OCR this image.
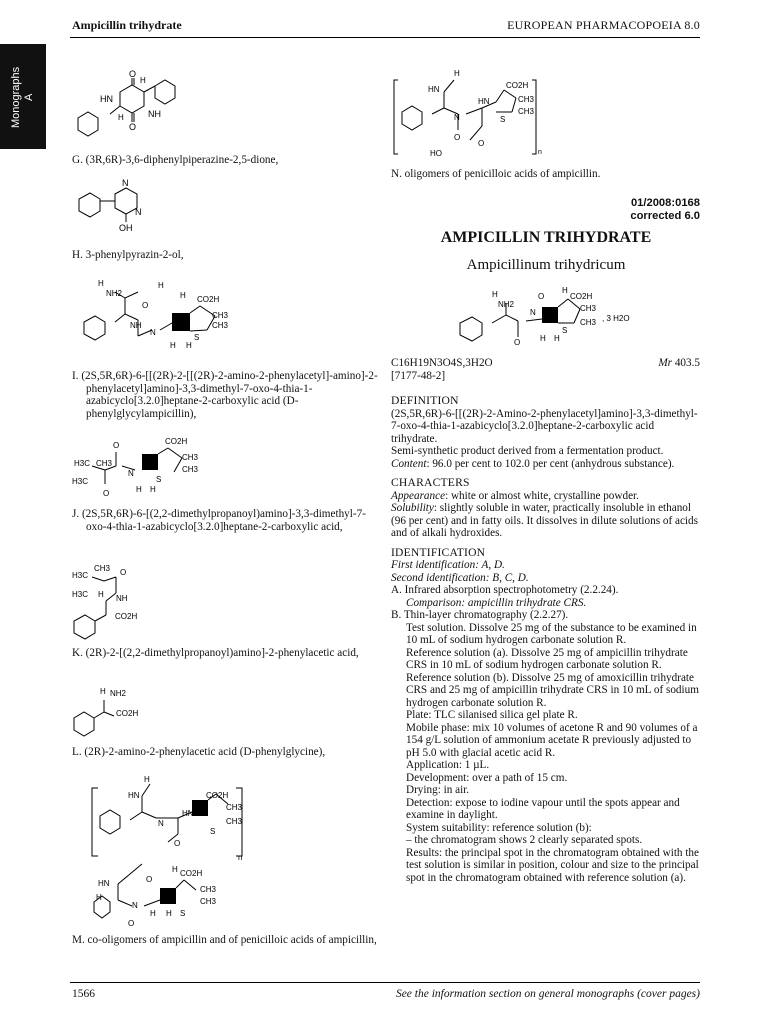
Ampicillin trihydrate	EUROPEAN PHARMACOPOEIA 8.0
Monographs
A
O
HN
NH
O
H
H
G. (3R,6R)-3,6-diphenylpiperazine-2,5-dione,
N
N
OH
H. 3-phenylpyrazin-2-ol,
H
NH2
H
H CO2H
CH3
CH3
O
S
NH
N
H H
I. (2S,5R,6R)-6-[[(2R)-2-[[(2R)-2-amino-2-phenylacetyl]-amino]-2-phenylacetyl]amino]-3,3-dimethyl-7-oxo-4-thia-1-azabicyclo[3.2.0]heptane-2-carboxylic acid (D-phenylglycylampicillin),
H3C CH3
H3C
O
N
CO2H
CH3
CH3
S
O	H H
J. (2S,5R,6R)-6-[(2,2-dimethylpropanoyl)amino]-3,3-dimethyl-7-oxo-4-thia-1-azabicyclo[3.2.0]heptane-2-carboxylic acid,
H3C
CH3
H3C
O
NH
CO2H
H
K. (2R)-2-[(2,2-dimethylpropanoyl)amino]-2-phenylacetic acid,
H NH2
CO2H
L. (2R)-2-amino-2-phenylacetic acid (D-phenylglycine),
H
HN	CO2H
CH3
CH3
S
HN
N
O
n
HN
H CO2H
CH3
CH3
S
H
N
H H
O
O
M. co-oligomers of ampicillin and of penicilloic acids of ampicillin,
H
HN	CO2H
CH3
CH3
HN
S
N
O
O
HO	n
N. oligomers of penicilloic acids of ampicillin.
01/2008:0168
corrected 6.0
AMPICILLIN TRIHYDRATE
Ampicillinum trihydricum
H
NH2
N
O
H
CO2H
CH3
CH3
S
O H H
, 3 H2O
C16H19N3O4S,3H2O	Mr 403.5
[7177-48-2]
DEFINITION
(2S,5R,6R)-6-[[(2R)-2-Amino-2-phenylacetyl]amino]-3,3-dimethyl-7-oxo-4-thia-1-azabicyclo[3.2.0]heptane-2-carboxylic acid trihydrate.
Semi-synthetic product derived from a fermentation product.
Content: 96.0 per cent to 102.0 per cent (anhydrous substance).
CHARACTERS
Appearance: white or almost white, crystalline powder.
Solubility: slightly soluble in water, practically insoluble in ethanol (96 per cent) and in fatty oils. It dissolves in dilute solutions of acids and of alkali hydroxides.
IDENTIFICATION
First identification: A, D.
Second identification: B, C, D.
A. Infrared absorption spectrophotometry (2.2.24).
Comparison: ampicillin trihydrate CRS.
B. Thin-layer chromatography (2.2.27).
Test solution. Dissolve 25 mg of the substance to be examined in 10 mL of sodium hydrogen carbonate solution R.
Reference solution (a). Dissolve 25 mg of ampicillin trihydrate CRS in 10 mL of sodium hydrogen carbonate solution R.
Reference solution (b). Dissolve 25 mg of amoxicillin trihydrate CRS and 25 mg of ampicillin trihydrate CRS in 10 mL of sodium hydrogen carbonate solution R.
Plate: TLC silanised silica gel plate R.
Mobile phase: mix 10 volumes of acetone R and 90 volumes of a 154 g/L solution of ammonium acetate R previously adjusted to pH 5.0 with glacial acetic acid R.
Application: 1 µL.
Development: over a path of 15 cm.
Drying: in air.
Detection: expose to iodine vapour until the spots appear and examine in daylight.
System suitability: reference solution (b):
– the chromatogram shows 2 clearly separated spots.
Results: the principal spot in the chromatogram obtained with the test solution is similar in position, colour and size to the principal spot in the chromatogram obtained with reference solution (a).
1566	See the information section on general monographs (cover pages)
